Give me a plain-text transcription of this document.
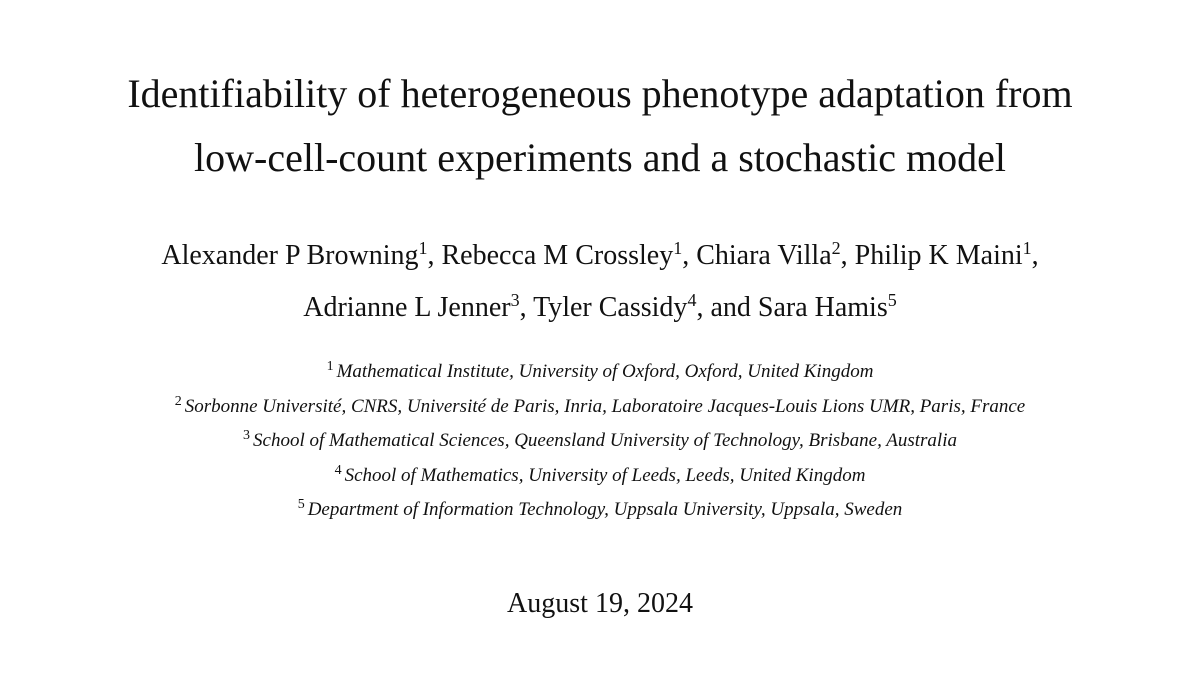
Identifiability of heterogeneous phenotype adaptation from
low-cell-count experiments and a stochastic model
Alexander P Browning$^1$, Rebecca M Crossley$^1$, Chiara Villa$^2$, Philip K Maini$^1$,
Adrianne L Jenner$^3$, Tyler Cassidy$^4$, and Sara Hamis$^5$
$^1$ Mathematical Institute, University of Oxford, Oxford, United Kingdom
$^2$ Sorbonne Université, CNRS, Université de Paris, Inria, Laboratoire Jacques-Louis Lions UMR, Paris, France
$^3$ School of Mathematical Sciences, Queensland University of Technology, Brisbane, Australia
$^4$ School of Mathematics, University of Leeds, Leeds, United Kingdom
$^5$ Department of Information Technology, Uppsala University, Uppsala, Sweden
August 19, 2024
